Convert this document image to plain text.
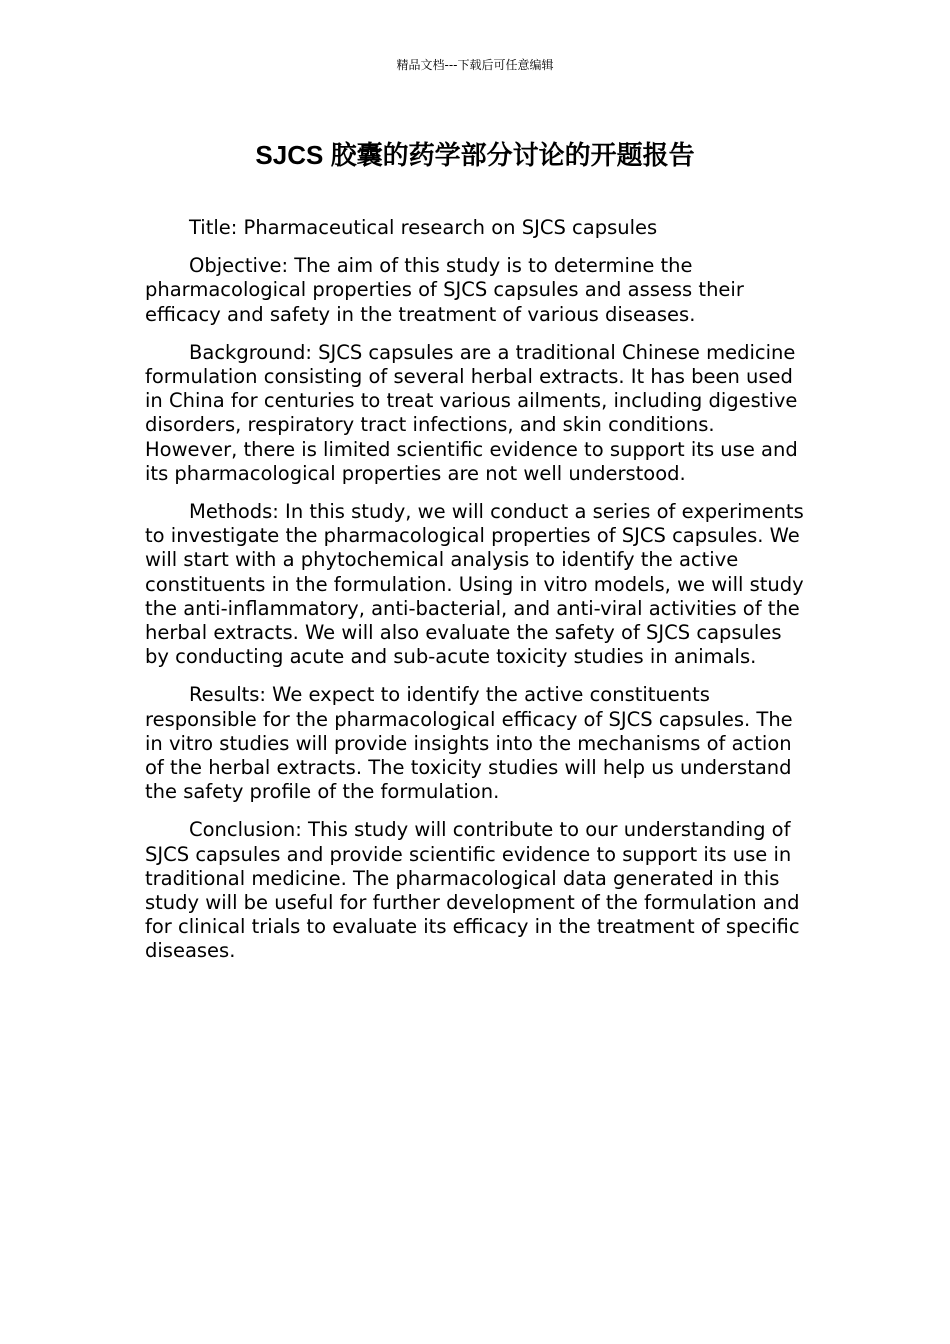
精品文档---下载后可任意编辑
SJCS 胶囊的药学部分讨论的开题报告

Title: Pharmaceutical research on SJCS capsules

Objective: The aim of this study is to determine the pharmacological properties of SJCS capsules and assess their efficacy and safety in the treatment of various diseases.

Background: SJCS capsules are a traditional Chinese medicine formulation consisting of several herbal extracts. It has been used in China for centuries to treat various ailments, including digestive disorders, respiratory tract infections, and skin conditions. However, there is limited scientific evidence to support its use and its pharmacological properties are not well understood.

Methods: In this study, we will conduct a series of experiments to investigate the pharmacological properties of SJCS capsules. We will start with a phytochemical analysis to identify the active constituents in the formulation. Using in vitro models, we will study the anti-inflammatory, anti-bacterial, and anti-viral activities of the herbal extracts. We will also evaluate the safety of SJCS capsules by conducting acute and sub-acute toxicity studies in animals.

Results: We expect to identify the active constituents responsible for the pharmacological efficacy of SJCS capsules. The in vitro studies will provide insights into the mechanisms of action of the herbal extracts. The toxicity studies will help us understand the safety profile of the formulation.

Conclusion: This study will contribute to our understanding of SJCS capsules and provide scientific evidence to support its use in traditional medicine. The pharmacological data generated in this study will be useful for further development of the formulation and for clinical trials to evaluate its efficacy in the treatment of specific diseases.
